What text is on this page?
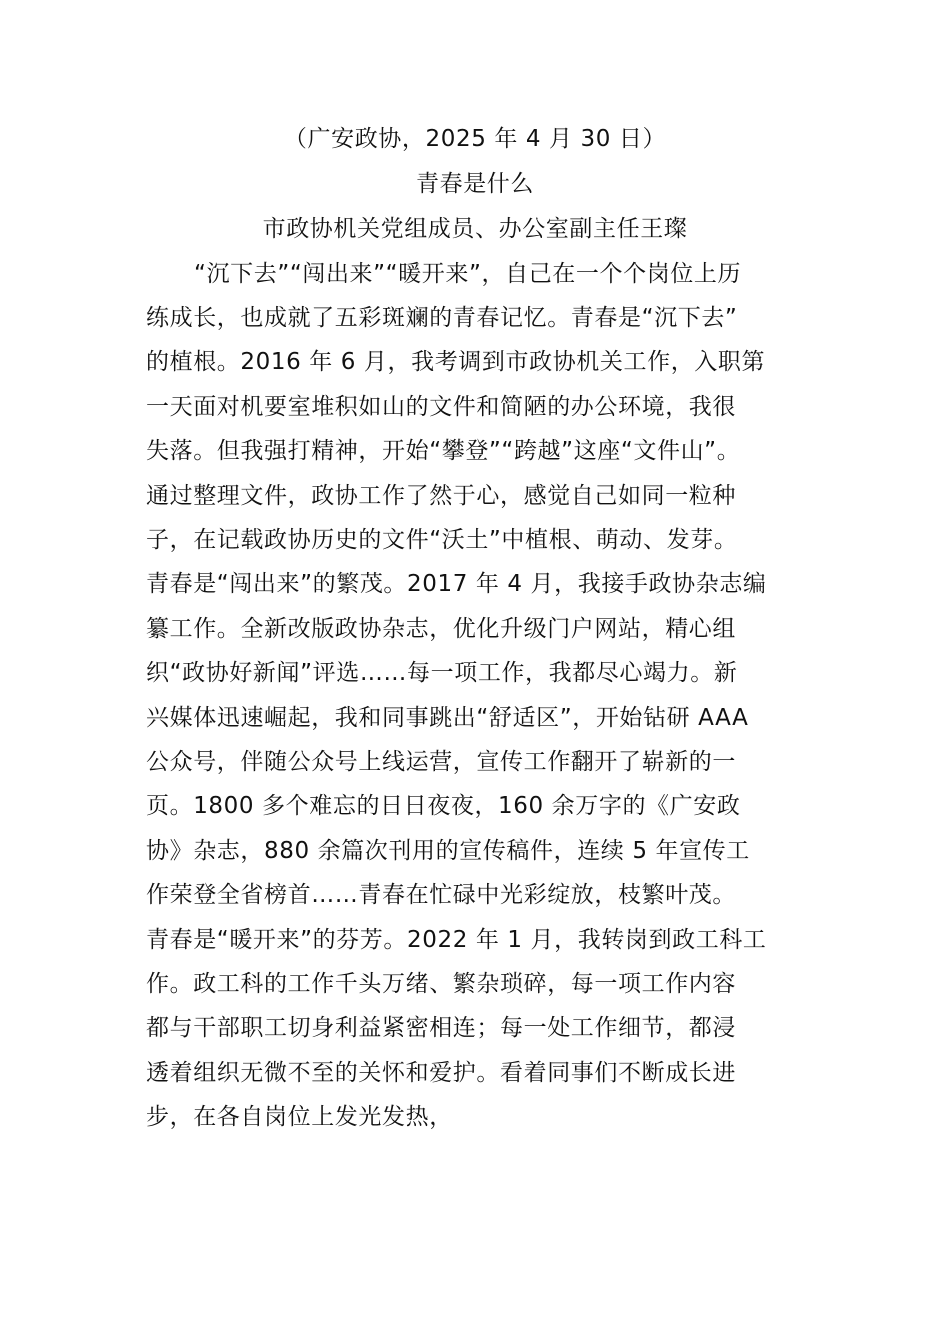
（广安政协，2025 年 4 月 30 日）
青春是什么
市政协机关党组成员、办公室副主任王璨
“沉下去”“闯出来”“暖开来”，自己在一个个岗位上历
练成长，也成就了五彩斑斓的青春记忆。青春是“沉下去”
的植根。2016 年 6 月，我考调到市政协机关工作，入职第
一天面对机要室堆积如山的文件和简陋的办公环境，我很
失落。但我强打精神，开始“攀登”“跨越”这座“文件山”。
通过整理文件，政协工作了然于心，感觉自己如同一粒种
子，在记载政协历史的文件“沃土”中植根、萌动、发芽。
青春是“闯出来”的繁茂。2017 年 4 月，我接手政协杂志编
纂工作。全新改版政协杂志，优化升级门户网站，精心组
织“政协好新闻”评选……每一项工作，我都尽心竭力。新
兴媒体迅速崛起，我和同事跳出“舒适区”，开始钻研 AAA
公众号，伴随公众号上线运营，宣传工作翻开了崭新的一
页。1800 多个难忘的日日夜夜，160 余万字的《广安政
协》杂志，880 余篇次刊用的宣传稿件，连续 5 年宣传工
作荣登全省榜首……青春在忙碌中光彩绽放，枝繁叶茂。
青春是“暖开来”的芬芳。2022 年 1 月，我转岗到政工科工
作。政工科的工作千头万绪、繁杂琐碎，每一项工作内容
都与干部职工切身利益紧密相连；每一处工作细节，都浸
透着组织无微不至的关怀和爱护。看着同事们不断成长进
步，在各自岗位上发光发热，
